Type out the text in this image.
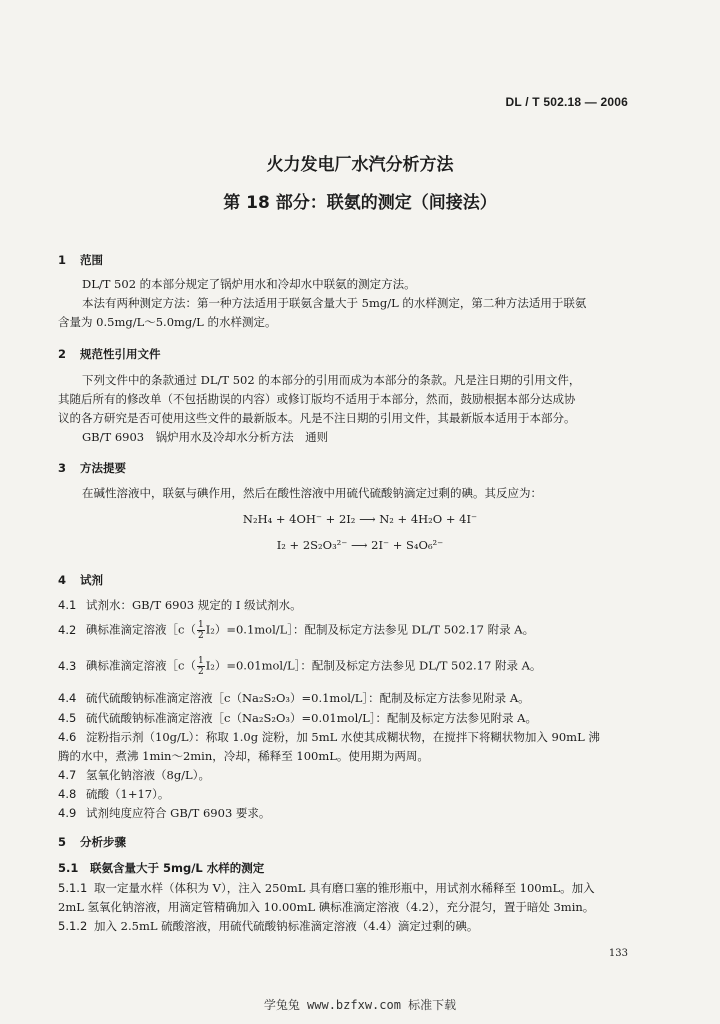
DL / T 502.18 — 2006
火力发电厂水汽分析方法
第 18 部分：联氨的测定（间接法）
1 范围
DL/T 502 的本部分规定了锅炉用水和冷却水中联氨的测定方法。
本法有两种测定方法：第一种方法适用于联氨含量大于 5mg/L 的水样测定，第二种方法适用于联氨
含量为 0.5mg/L～5.0mg/L 的水样测定。
2 规范性引用文件
下列文件中的条款通过 DL/T 502 的本部分的引用而成为本部分的条款。凡是注日期的引用文件，
其随后所有的修改单（不包括勘误的内容）或修订版均不适用于本部分，然而，鼓励根据本部分达成协
议的各方研究是否可使用这些文件的最新版本。凡是不注日期的引用文件，其最新版本适用于本部分。
GB/T 6903　锅炉用水及冷却水分析方法　通则
3 方法提要
在碱性溶液中，联氨与碘作用，然后在酸性溶液中用硫代硫酸钠滴定过剩的碘。其反应为：
N₂H₄ + 4OH⁻ + 2I₂ ⟶ N₂ + 4H₂O + 4I⁻
I₂ + 2S₂O₃²⁻ ⟶ 2I⁻ + S₄O₆²⁻
4 试剂
4.1 试剂水：GB/T 6903 规定的 I 级试剂水。
4.2 碘标准滴定溶液［c（ $\frac{1}{2}$ I₂）=0.1mol/L］：配制及标定方法参见 DL/T 502.17 附录 A。
4.3 碘标准滴定溶液［c（ $\frac{1}{2}$ I₂）=0.01mol/L］：配制及标定方法参见 DL/T 502.17 附录 A。
4.4 硫代硫酸钠标准滴定溶液［c（Na₂S₂O₃）=0.1mol/L］：配制及标定方法参见附录 A。
4.5 硫代硫酸钠标准滴定溶液［c（Na₂S₂O₃）=0.01mol/L］：配制及标定方法参见附录 A。
4.6 淀粉指示剂（10g/L）：称取 1.0g 淀粉，加 5mL 水使其成糊状物，在搅拌下将糊状物加入 90mL 沸
腾的水中，煮沸 1min～2min，冷却，稀释至 100mL。使用期为两周。
4.7 氢氧化钠溶液（8g/L）。
4.8 硫酸（1+17）。
4.9 试剂纯度应符合 GB/T 6903 要求。
5 分析步骤
5.1 联氨含量大于 5mg/L 水样的测定
5.1.1 取一定量水样（体积为 V），注入 250mL 具有磨口塞的锥形瓶中，用试剂水稀释至 100mL。加入
2mL 氢氧化钠溶液，用滴定管精确加入 10.00mL 碘标准滴定溶液（4.2），充分混匀，置于暗处 3min。
5.1.2 加入 2.5mL 硫酸溶液，用硫代硫酸钠标准滴定溶液（4.4）滴定过剩的碘。
133
学兔兔 www.bzfxw.com 标准下载
